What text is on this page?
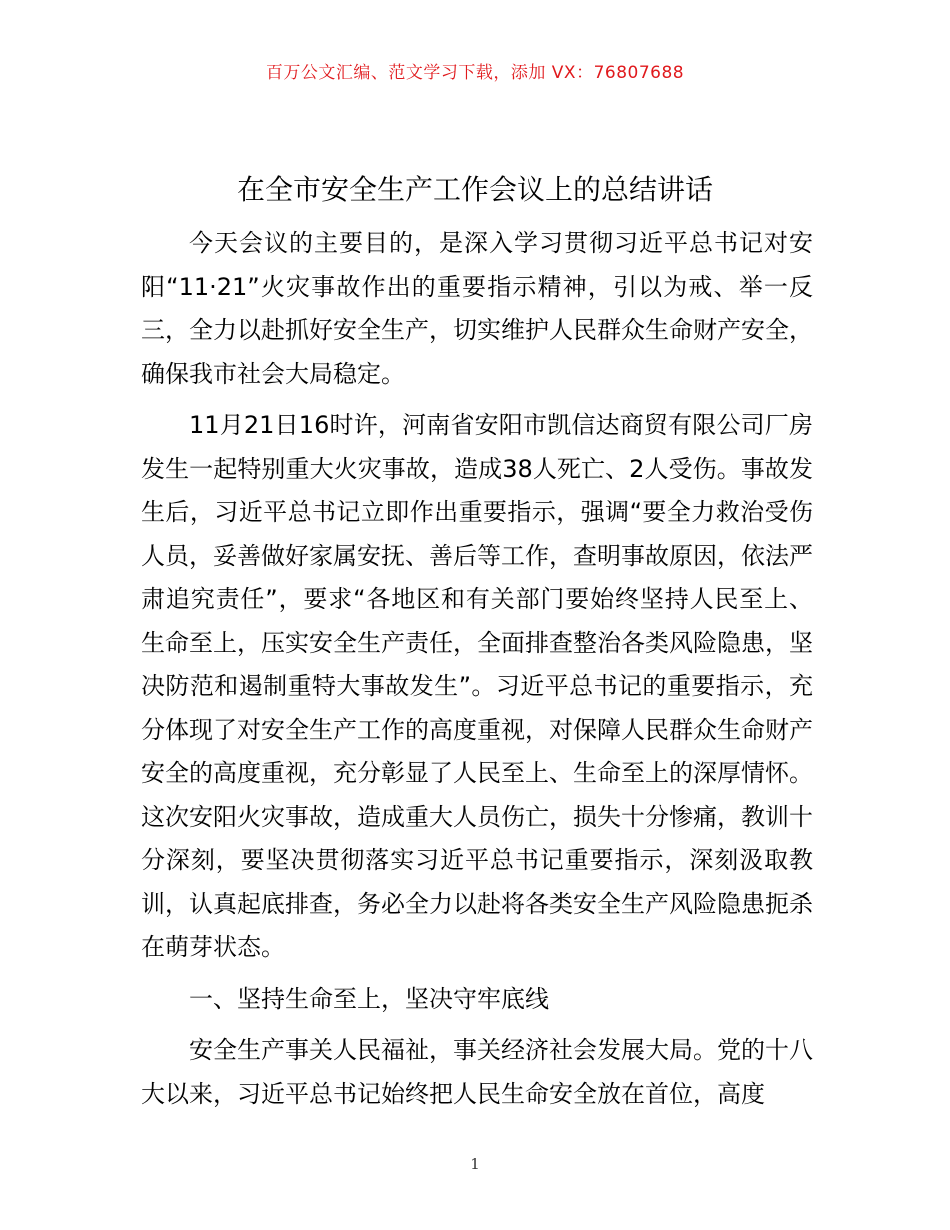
百万公文汇编、范文学习下载，添加 VX：76807688
在全市安全生产工作会议上的总结讲话

今天会议的主要目的，是深入学习贯彻习近平总书记对安阳“11·21”火灾事故作出的重要指示精神，引以为戒、举一反三，全力以赴抓好安全生产，切实维护人民群众生命财产安全，确保我市社会大局稳定。

11月21日16时许，河南省安阳市凯信达商贸有限公司厂房发生一起特别重大火灾事故，造成38人死亡、2人受伤。事故发生后，习近平总书记立即作出重要指示，强调“要全力救治受伤人员，妥善做好家属安抚、善后等工作，查明事故原因，依法严肃追究责任”，要求“各地区和有关部门要始终坚持人民至上、生命至上，压实安全生产责任，全面排查整治各类风险隐患，坚决防范和遏制重特大事故发生”。习近平总书记的重要指示，充分体现了对安全生产工作的高度重视，对保障人民群众生命财产安全的高度重视，充分彰显了人民至上、生命至上的深厚情怀。这次安阳火灾事故，造成重大人员伤亡，损失十分惨痛，教训十分深刻，要坚决贯彻落实习近平总书记重要指示，深刻汲取教训，认真起底排查，务必全力以赴将各类安全生产风险隐患扼杀在萌芽状态。

一、坚持生命至上，坚决守牢底线

安全生产事关人民福祉，事关经济社会发展大局。党的十八大以来，习近平总书记始终把人民生命安全放在首位，高度

1
